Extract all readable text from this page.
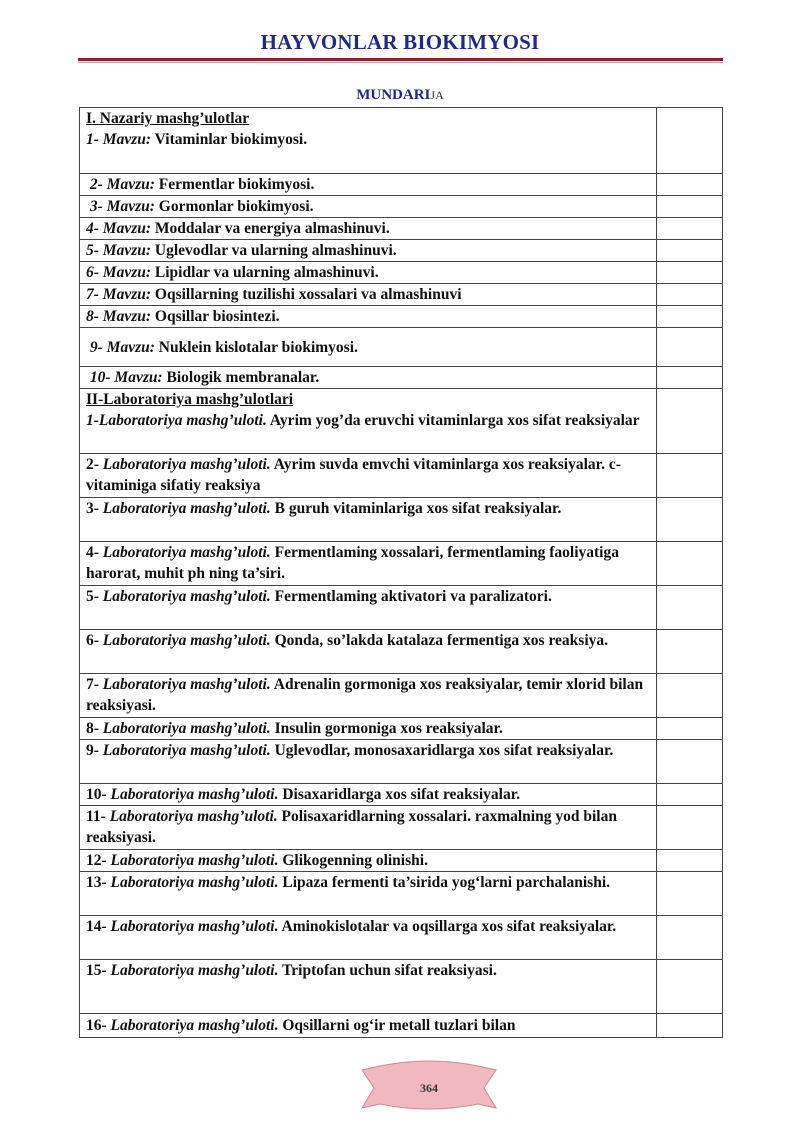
HAYVONLAR BIOKIMYOSI
MUNDARIJA
I. Nazariy mashg’ulotlar
1- Mavzu: Vitaminlar biokimyosi.	

2- Mavzu: Fermentlar biokimyosi.	
3- Mavzu: Gormonlar biokimyosi.	
4- Mavzu: Moddalar va energiya almashinuvi.	
5- Mavzu: Uglevodlar va ularning almashinuvi.	
6- Mavzu: Lipidlar va ularning almashinuvi.	
7- Mavzu: Oqsillarning tuzilishi xossalari va almashinuvi	
8- Mavzu: Oqsillar biosintezi.	
9- Mavzu: Nuklein kislotalar biokimyosi.	
10- Mavzu: Biologik membranalar.	

II-Laboratoriya mashg’ulotlari
1-Laboratoriya mashg’uloti. Ayrim yog’da eruvchi vitaminlarga xos sifat reaksiyalar	

2- Laboratoriya mashg’uloti. Ayrim suvda emvchi vitaminlarga xos reaksiyalar. c- vitaminiga sifatiy reaksiya	
3- Laboratoriya mashg’uloti. B guruh vitaminlariga xos sifat reaksiyalar.	
4- Laboratoriya mashg’uloti. Fermentlaming xossalari, fermentlaming faoliyatiga harorat, muhit ph ning ta’siri.	
5- Laboratoriya mashg’uloti. Fermentlaming aktivatori va paralizatori.	
6- Laboratoriya mashg’uloti. Qonda, so’lakda katalaza fermentiga xos reaksiya.	
7- Laboratoriya mashg’uloti. Adrenalin gormoniga xos reaksiyalar, temir xlorid bilan reaksiyasi.	
8- Laboratoriya mashg’uloti. Insulin gormoniga xos reaksiyalar.	
9- Laboratoriya mashg’uloti. Uglevodlar, monosaxaridlarga xos sifat reaksiyalar.	
10- Laboratoriya mashg’uloti. Disaxaridlarga xos sifat reaksiyalar.	
11- Laboratoriya mashg’uloti. Polisaxaridlarning xossalari. raxmalning yod bilan reaksiyasi.	
12- Laboratoriya mashg’uloti. Glikogenning olinishi.	
13- Laboratoriya mashg’uloti. Lipaza fermenti ta’sirida yog‘larni parchalanishi.	
14- Laboratoriya mashg’uloti. Aminokislotalar va oqsillarga xos sifat reaksiyalar.	
15- Laboratoriya mashg’uloti. Triptofan uchun sifat reaksiyasi.	
16- Laboratoriya mashg’uloti. Oqsillarni og‘ir metall tuzlari bilan	
364
